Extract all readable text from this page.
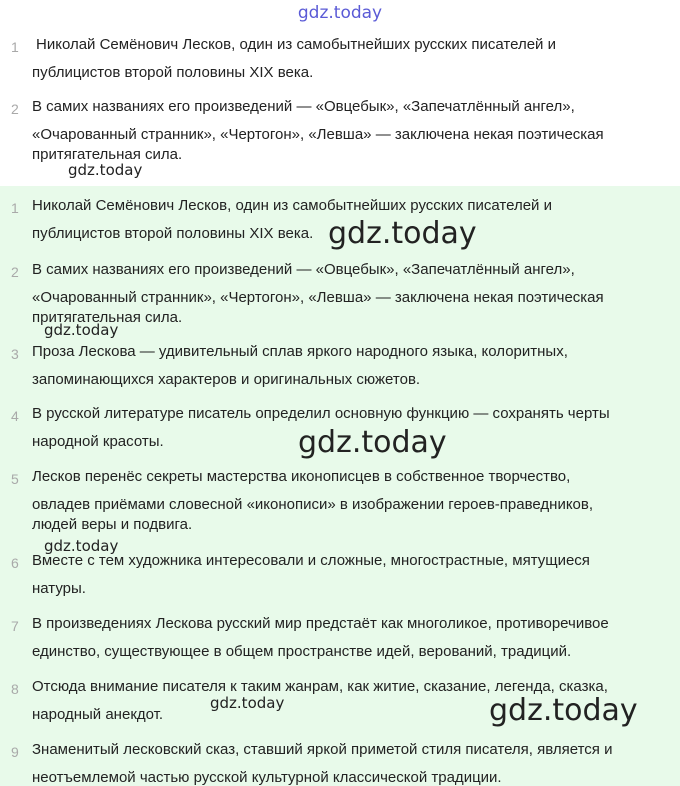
gdz.today
1 Николай Семёнович Лесков, один из самобытнейших русских писателей и
публицистов второй половины XIX века.
2 В самих названиях его произведений — «Овцебык», «Запечатлённый ангел»,
«Очарованный странник», «Чертогон», «Левша» — заключена некая поэтическая
притягательная сила.
1 Николай Семёнович Лесков, один из самобытнейших русских писателей и
публицистов второй половины XIX века.
2 В самих названиях его произведений — «Овцебык», «Запечатлённый ангел»,
«Очарованный странник», «Чертогон», «Левша» — заключена некая поэтическая
притягательная сила.
3 Проза Лескова — удивительный сплав яркого народного языка, колоритных,
запоминающихся характеров и оригинальных сюжетов.
4 В русской литературе писатель определил основную функцию — сохранять черты
народной красоты.
5 Лесков перенёс секреты мастерства иконописцев в собственное творчество,
овладев приёмами словесной «иконописи» в изображении героев-праведников,
людей веры и подвига.
6 Вместе с тем художника интересовали и сложные, многострастные, мятущиеся
натуры.
7 В произведениях Лескова русский мир предстаёт как многоликое, противоречивое
единство, существующее в общем пространстве идей, верований, традиций.
8 Отсюда внимание писателя к таким жанрам, как житие, сказание, легенда, сказка,
народный анекдот.
9 Знаменитый лесковский сказ, ставший яркой приметой стиля писателя, является и
неотъемлемой частью русской культурной классической традиции.
gdz.today
gdz.today
gdz.today
gdz.today
gdz.today
gdz.today	gdz.today
